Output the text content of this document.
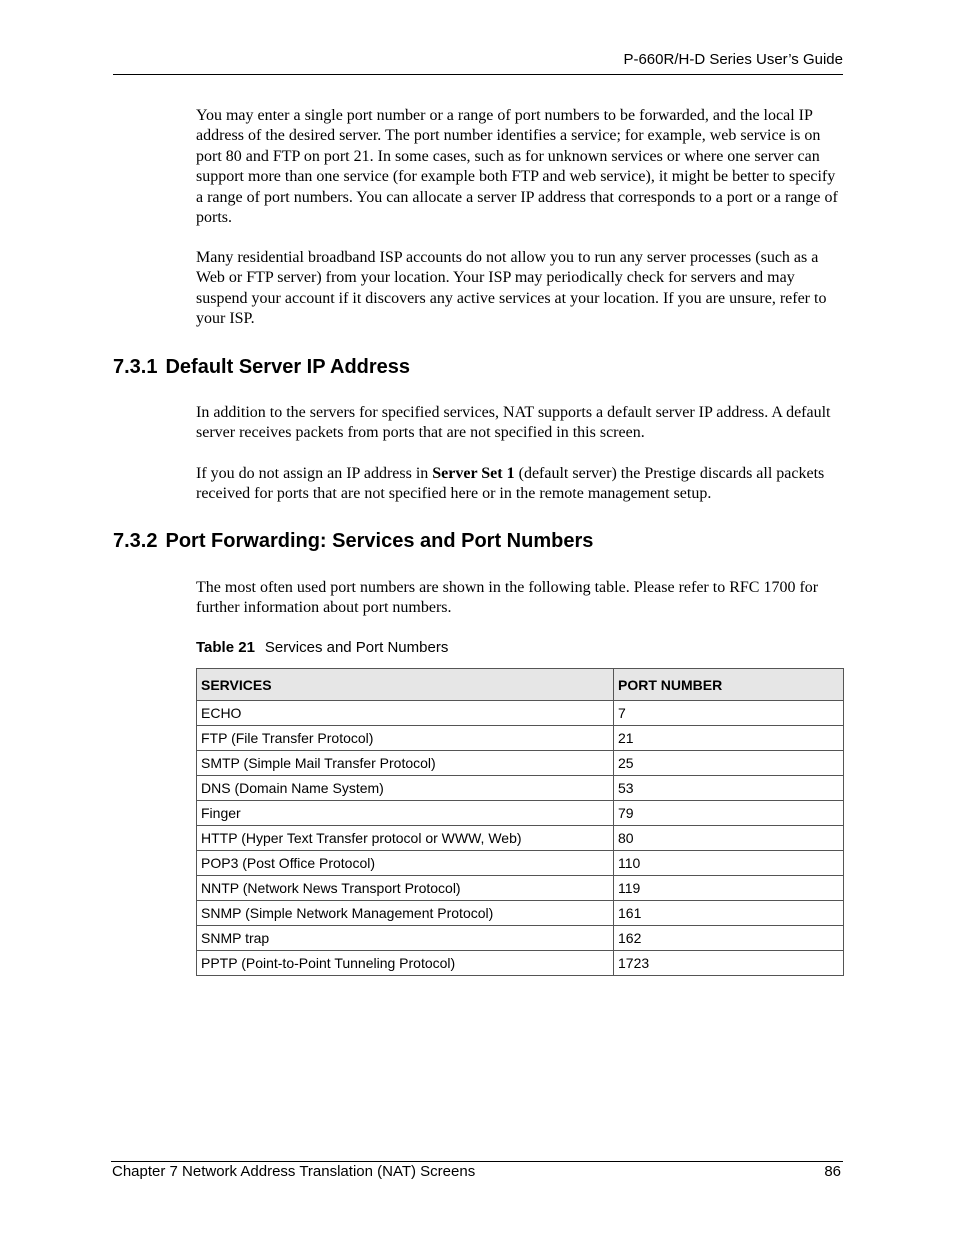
P-660R/H-D Series User’s Guide

You may enter a single port number or a range of port numbers to be forwarded, and the local IP address of the desired server. The port number identifies a service; for example, web service is on port 80 and FTP on port 21. In some cases, such as for unknown services or where one server can support more than one service (for example both FTP and web service), it might be better to specify a range of port numbers. You can allocate a server IP address that corresponds to a port or a range of ports.

Many residential broadband ISP accounts do not allow you to run any server processes (such as a Web or FTP server) from your location. Your ISP may periodically check for servers and may suspend your account if it discovers any active services at your location. If you are unsure, refer to your ISP.

7.3.1 Default Server IP Address

In addition to the servers for specified services, NAT supports a default server IP address. A default server receives packets from ports that are not specified in this screen.

If you do not assign an IP address in Server Set 1 (default server) the Prestige discards all packets received for ports that are not specified here or in the remote management setup.

7.3.2 Port Forwarding: Services and Port Numbers

The most often used port numbers are shown in the following table. Please refer to RFC 1700 for further information about port numbers.

Table 21 Services and Port Numbers
SERVICES	PORT NUMBER
ECHO	7
FTP (File Transfer Protocol)	21
SMTP (Simple Mail Transfer Protocol)	25
DNS (Domain Name System)	53
Finger	79
HTTP (Hyper Text Transfer protocol or WWW, Web)	80
POP3 (Post Office Protocol)	110
NNTP (Network News Transport Protocol)	119
SNMP (Simple Network Management Protocol)	161
SNMP trap	162
PPTP (Point-to-Point Tunneling Protocol)	1723
Chapter 7 Network Address Translation (NAT) Screens	86
